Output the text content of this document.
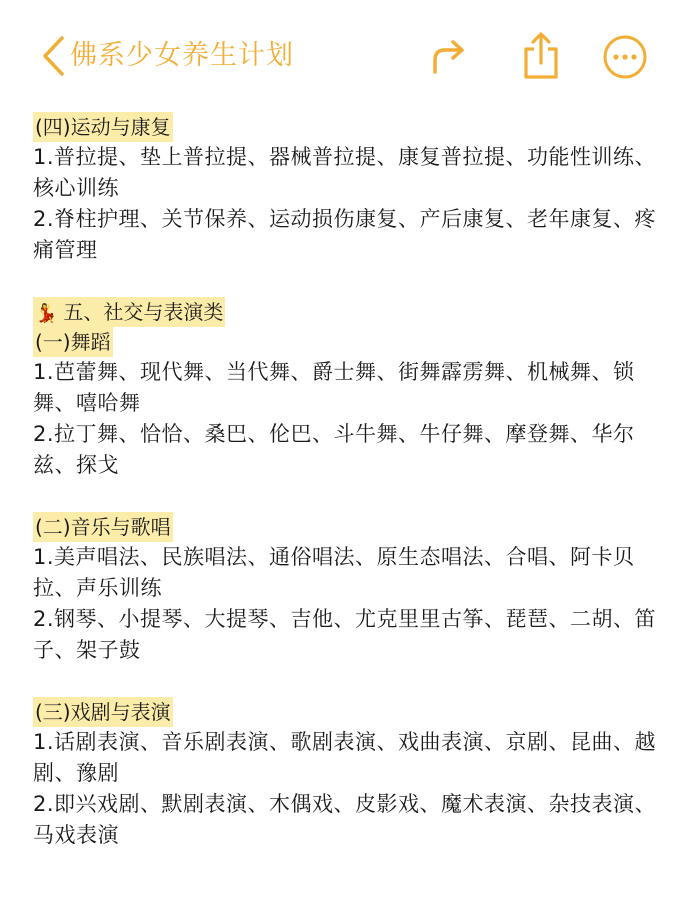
佛系少女养生计划
(四)运动与康复
1.普拉提、垫上普拉提、器械普拉提、康复普拉提、功能性训练、核心训练
2.脊柱护理、关节保养、运动损伤康复、产后康复、老年康复、疼痛管理
💃 五、社交与表演类
(一)舞蹈
1.芭蕾舞、现代舞、当代舞、爵士舞、街舞霹雳舞、机械舞、锁舞、嘻哈舞
2.拉丁舞、恰恰、桑巴、伦巴、斗牛舞、牛仔舞、摩登舞、华尔兹、探戈
(二)音乐与歌唱
1.美声唱法、民族唱法、通俗唱法、原生态唱法、合唱、阿卡贝拉、声乐训练
2.钢琴、小提琴、大提琴、吉他、尤克里里古筝、琵琶、二胡、笛子、架子鼓
(三)戏剧与表演
1.话剧表演、音乐剧表演、歌剧表演、戏曲表演、京剧、昆曲、越剧、豫剧
2.即兴戏剧、默剧表演、木偶戏、皮影戏、魔术表演、杂技表演、马戏表演
